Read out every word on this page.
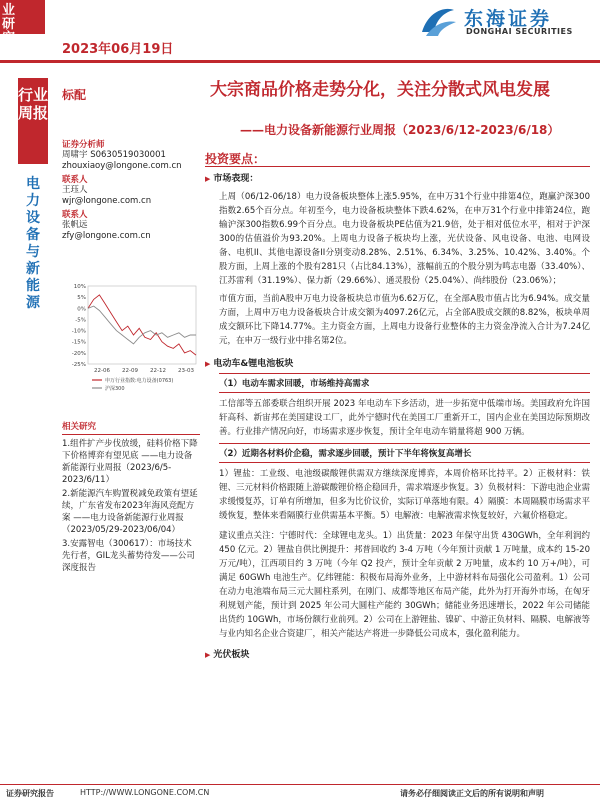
业研究
2023年06月19日
东海证券
DONGHAI SECURITIES
行业周报
电力设备与新能源
标配
证券分析师
周啸宇 S0630519030001
zhouxiaoy@longone.com.cn
联系人
王珏人
wjr@longone.com.cn
联系人
张帆远
zfy@longone.com.cn
10%
5%
0%
-5%
-10%
-15%
-20%
-25%
22-06 22-09 22-12 23-03
申万行业指数:电力设备(0763)
沪深300
相关研究
1.组件扩产步伐放缓，硅料价格下降下价格博弈有望见底 ——电力设备新能源行业周报（2023/6/5-2023/6/11）
2.新能源汽车购置税减免政策有望延续，广东省发布2023年海风竞配方案 ——电力设备新能源行业周报（2023/05/29-2023/06/04）
3.安露智电（300617）：市场技术先行者，GIL龙头蓄势待发——公司深度报告
大宗商品价格走势分化，关注分散式风电发展
——电力设备新能源行业周报（2023/6/12-2023/6/18）
投资要点：
▶ 市场表现：
上周（06/12-06/18）电力设备板块整体上涨5.95%，在申万31个行业中排第4位，跑赢沪深300指数2.65个百分点。年初至今，电力设备板块整体下跌4.62%，在申万31个行业中排第24位，跑输沪深300指数6.99个百分点。电力设备板块PE估值为21.9倍，处于相对低位水平，相对于沪深300的估值溢价为93.20%。上周电力设备子板块均上涨，光伏设备、风电设备、电池、电网设备、电机II、其他电源设备II分别变动8.28%、2.51%、6.34%、3.25%、10.42%、3.40%。个股方面，上周上涨的个股有281只（占比84.13%），涨幅前五的个股分别为鸣志电器（33.40%）、江苏雷利（31.19%）、保力新（29.66%）、通灵股份（25.04%）、尚纬股份（23.06%）；
市值方面，当前A股申万电力设备板块总市值为6.62万亿，在全部A股市值占比为6.94%。成交量方面，上周申万电力设备板块合计成交额为4097.26亿元，占全部A股成交额的8.82%，板块单周成交额环比下降14.77%。主力资金方面，上周电力设备行业整体的主力资金净流入合计为7.24亿元，在申万一级行业中排名第2位。
▶ 电动车&锂电池板块
（1）电动车需求回暖，市场维持高需求
工信部等五部委联合组织开展 2023 年电动车下乡活动，进一步拓宽中低端市场。美国政府允许国轩高科、新宙邦在美国建设工厂，此外宁德时代在美国工厂重新开工，国内企业在美国边际预期改善。行业排产情况向好，市场需求逐步恢复，预计全年电动车销量将超 900 万辆。
（2）近期各材料价企稳，需求逐步回暖，预计下半年将恢复高增长
1）锂盐：工业级、电池级碳酸锂供需双方继续深度博弈，本周价格环比持平。2）正极材料：铁锂、三元材料价格跟随上游碳酸锂价格企稳回升，需求端逐步恢复。3）负极材料：下游电池企业需求缓慢复苏，订单有所增加，但多为比价议价，实际订单落地有限。4）隔膜：本周隔膜市场需求平缓恢复，整体来看隔膜行业供需基本平衡。5）电解液：电解液需求恢复较好，六氟价格稳定。
建议重点关注：宁德时代：全球锂电龙头。1）出货量：2023 年保守出货 430GWh，全年利润约 450 亿元。2）锂盐自供比例提升：邦普回收约 3-4 万吨（今年预计贡献 1 万吨量，成本约 15-20 万元/吨），江西项目约 3 万吨（今年 Q2 投产，预计全年贡献 2 万吨量，成本约 10 万+/吨），可满足 60GWh 电池生产。亿纬锂能：积极布局海外业务，上中游材料布局强化公司盈利。1）公司在动力电池端布局三元大圆柱系列，在刚门、成都等地区布局产能，此外为打开海外市场，在匈牙利规划产能，预计到 2025 年公司大圆柱产能约 30GWh；储能业务迅速增长，2022 年公司储能出货约 10GWh，市场份额行业前列。2）公司在上游锂盐、镍矿、中游正负材料、隔膜、电解液等与业内知名企业合资建厂，相关产能达产将进一步降低公司成本，强化盈利能力。
▶ 光伏板块
证券研究报告	HTTP://WWW.LONGONE.COM.CN	请务必仔细阅读正文后的所有说明和声明
